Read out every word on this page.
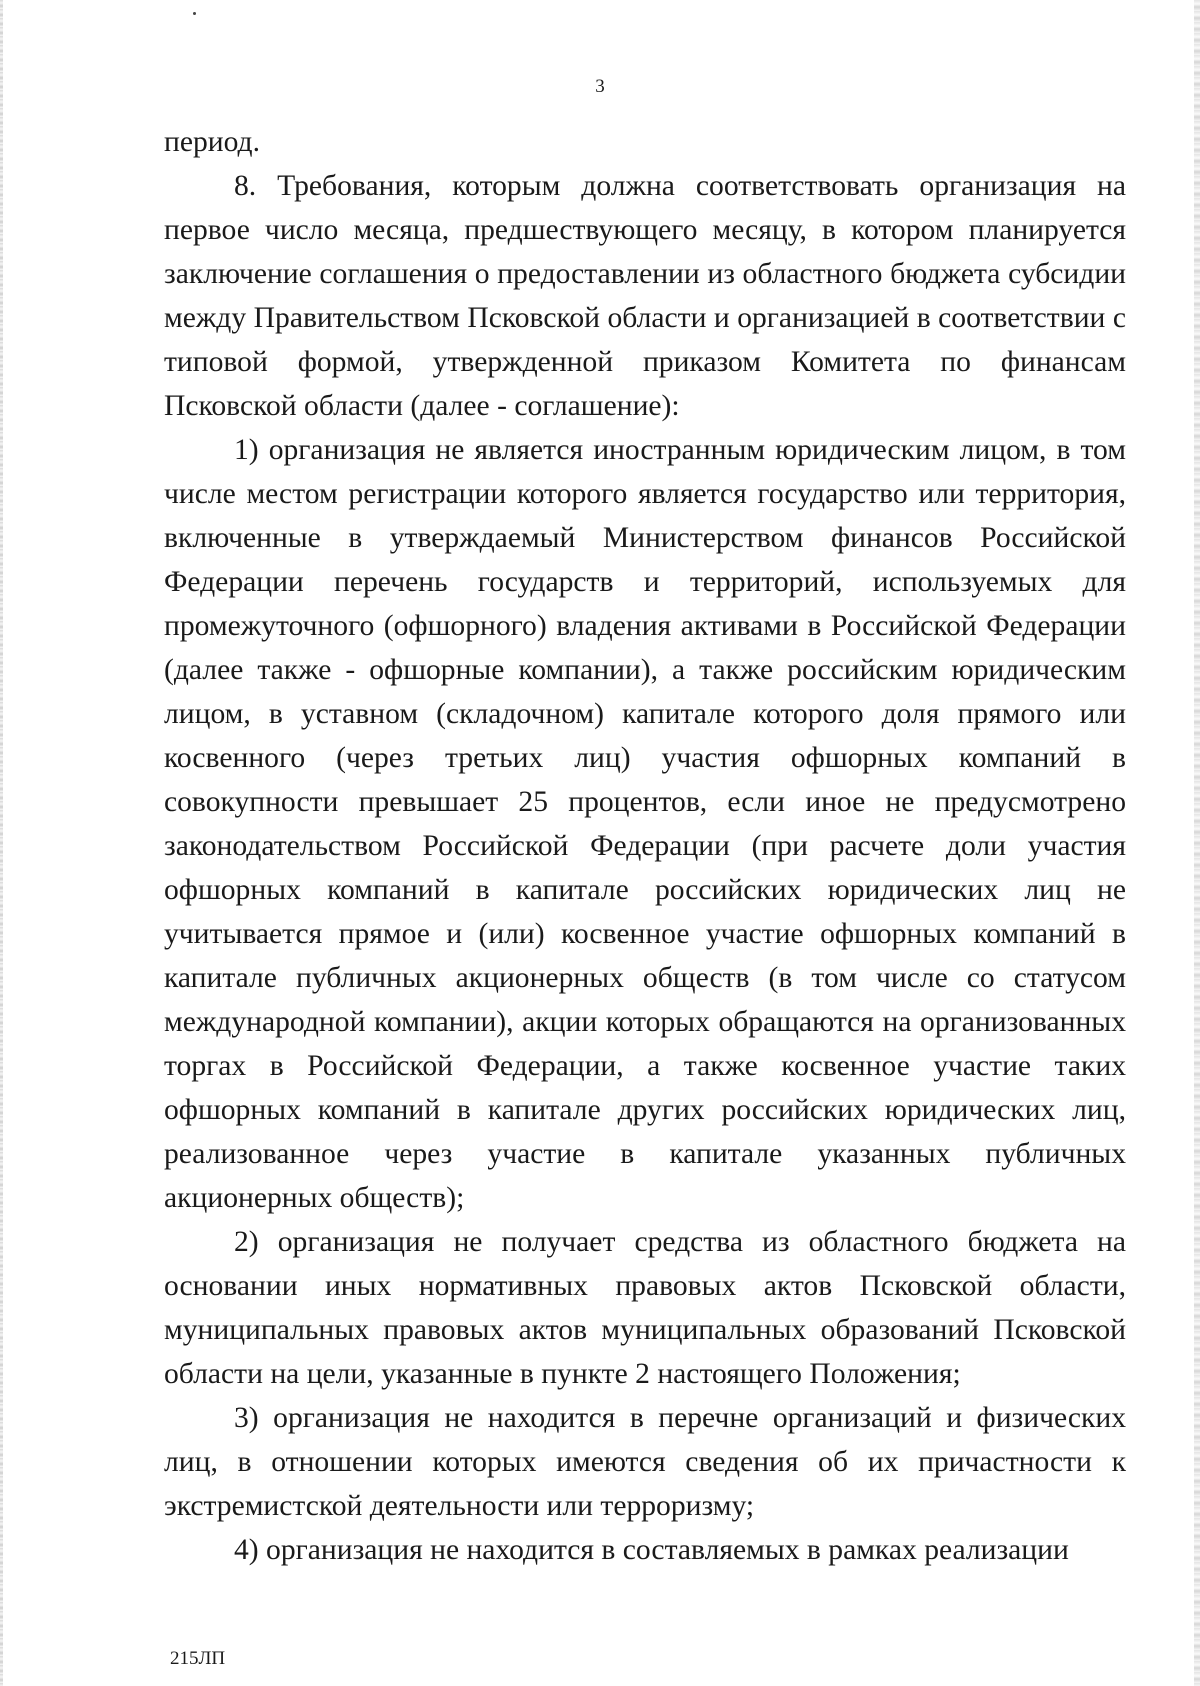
3

период.

8. Требования, которым должна соответствовать организация на первое число месяца, предшествующего месяцу, в котором планируется заключение соглашения о предоставлении из областного бюджета субсидии между Правительством Псковской области и организацией в соответствии с типовой формой, утвержденной приказом Комитета по финансам Псковской области (далее - соглашение):

1) организация не является иностранным юридическим лицом, в том числе местом регистрации которого является государство или территория, включенные в утверждаемый Министерством финансов Российской Федерации перечень государств и территорий, используемых для промежуточного (офшорного) владения активами в Российской Федерации (далее также - офшорные компании), а также российским юридическим лицом, в уставном (складочном) капитале которого доля прямого или косвенного (через третьих лиц) участия офшорных компаний в совокупности превышает 25 процентов, если иное не предусмотрено законодательством Российской Федерации (при расчете доли участия офшорных компаний в капитале российских юридических лиц не учитывается прямое и (или) косвенное участие офшорных компаний в капитале публичных акционерных обществ (в том числе со статусом международной компании), акции которых обращаются на организованных торгах в Российской Федерации, а также косвенное участие таких офшорных компаний в капитале других российских юридических лиц, реализованное через участие в капитале указанных публичных акционерных обществ);

2) организация не получает средства из областного бюджета на основании иных нормативных правовых актов Псковской области, муниципальных правовых актов муниципальных образований Псковской области на цели, указанные в пункте 2 настоящего Положения;

3) организация не находится в перечне организаций и физических лиц, в отношении которых имеются сведения об их причастности к экстремистской деятельности или терроризму;

4) организация не находится в составляемых в рамках реализации

215ЛП
